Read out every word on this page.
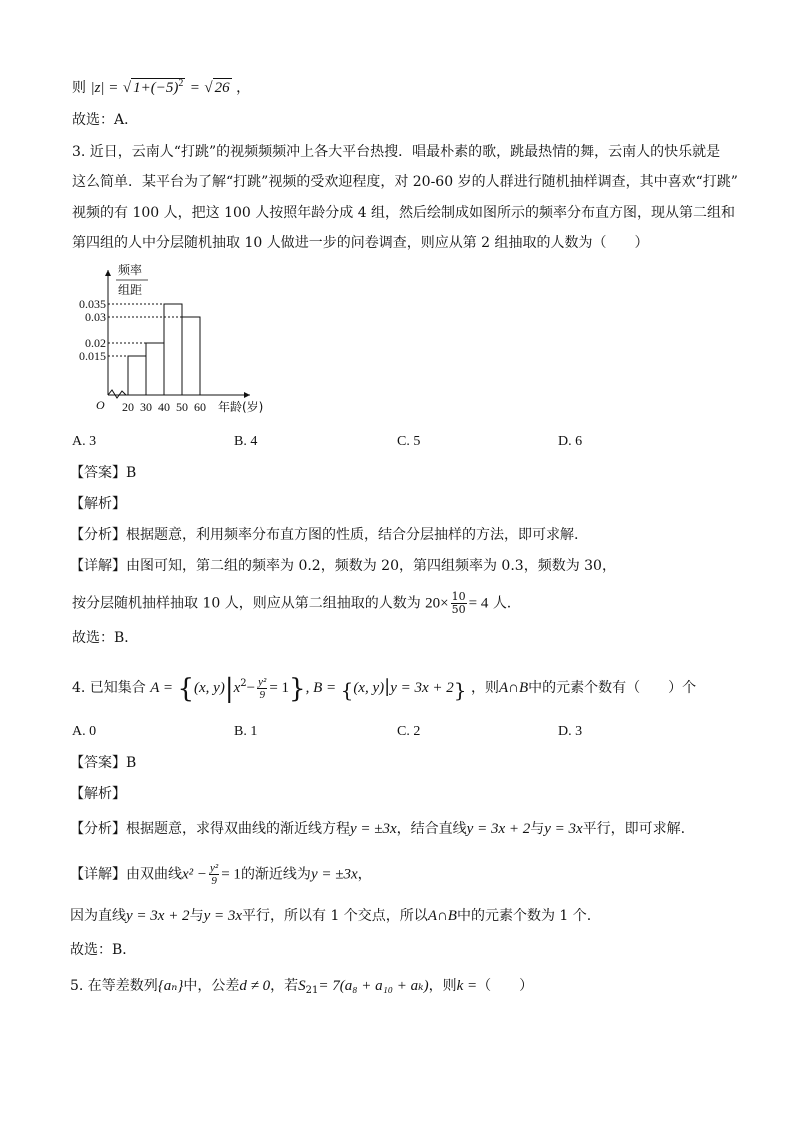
则 |z| = √ $1+(-5)^2$ = √ 26 ，
故选：A．
3. 近日，云南人“打跳”的视频频频冲上各大平台热搜．唱最朴素的歌，跳最热情的舞，云南人的快乐就是
这么简单．某平台为了解“打跳”视频的受欢迎程度，对 20-60 岁的人群进行随机抽样调查，其中喜欢“打跳”
视频的有 100 人，把这 100 人按照年龄分成 4 组，然后绘制成如图所示的频率分布直方图，现从第二组和
第四组的人中分层随机抽取 10 人做进一步的问卷调查，则应从第 2 组抽取的人数为（　　）
0.035
0.03
0.02
0.015
20 30 40 50 60
O
频率
组距
年龄(岁)
A. 3	B. 4	C. 5	D. 6
【答案】B
【解析】
【分析】根据题意，利用频率分布直方图的性质，结合分层抽样的方法，即可求解.
【详解】由图可知，第二组的频率为 0.2，频数为 20，第四组频率为 0.3，频数为 30，
按分层随机抽样抽取 10 人，则应从第二组抽取的人数为 $20\times \frac{10}{50} = 4$ 人.
故选：B．
4. 已知集合 A = {(x, $y)|x^2- \frac{\text{y²}}{9} = 1$}, B = {(x, y)|y = 3x + 2} ，则A∩B中的元素个数有（　　）个
A. 0	B. 1	C. 2	D. 3
【答案】B
【解析】
【分析】根据题意，求得双曲线的渐近线方程y = ±3x，结合直线y = 3x + 2与y = 3x平行，即可求解.
【详解】由双曲线$x^2 - \frac{\text{y²}}{9} = 1$的渐近线为y = ±3x，
因为直线y = 3x + 2与y = 3x平行，所以有 1 个交点，所以A∩B中的元素个数为 1 个.
故选：B．
5. 在等差数列{aₙ}中，公差d ≠ 0，若$S_{21}= 7(a_8 + a_{10} + a_k)$，则k =（　　）
